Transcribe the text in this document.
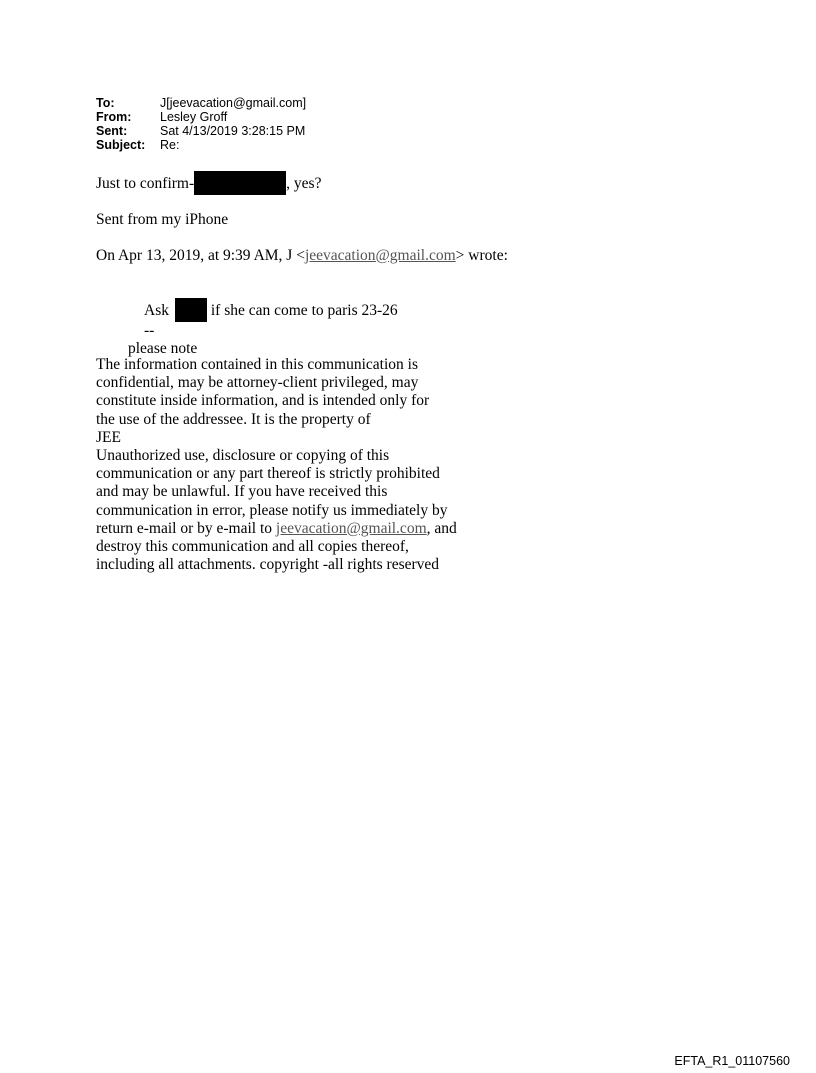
To:	J[jeevacation@gmail.com]
From:	Lesley Groff
Sent:	Sat 4/13/2019 3:28:15 PM
Subject:	Re:
Just to confirm-	, yes?
Sent from my iPhone
On Apr 13, 2019, at 9:39 AM, J <jeevacation@gmail.com> wrote:
Ask	if she can come to paris 23-26
--
please note
The information contained in this communication is
confidential, may be attorney-client privileged, may
constitute inside information, and is intended only for
the use of the addressee. It is the property of
JEE
Unauthorized use, disclosure or copying of this
communication or any part thereof is strictly prohibited
and may be unlawful. If you have received this
communication in error, please notify us immediately by
return e-mail or by e-mail to jeevacation@gmail.com, and
destroy this communication and all copies thereof,
including all attachments. copyright -all rights reserved
EFTA_R1_01107560
